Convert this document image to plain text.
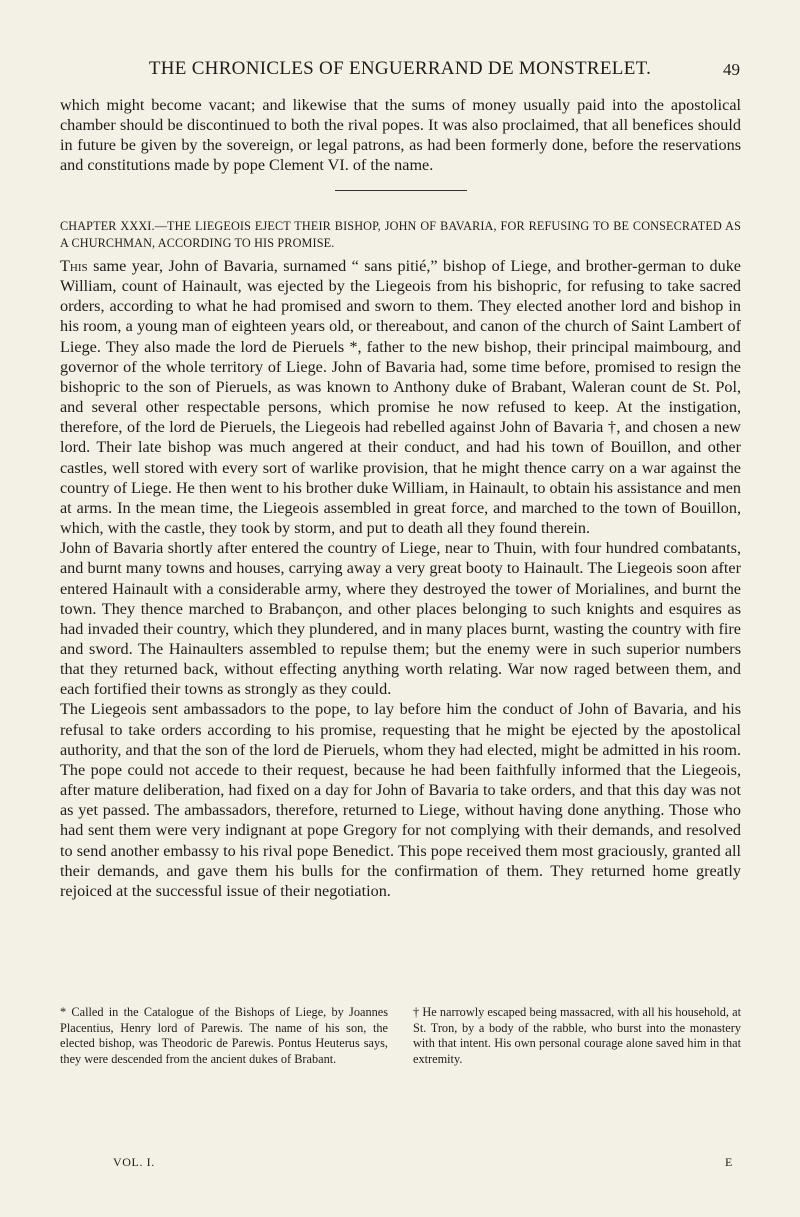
THE CHRONICLES OF ENGUERRAND DE MONSTRELET.	49
which might become vacant; and likewise that the sums of money usually paid into the apostolical chamber should be discontinued to both the rival popes. It was also proclaimed, that all benefices should in future be given by the sovereign, or legal patrons, as had been formerly done, before the reservations and constitutions made by pope Clement VI. of the name.
CHAPTER XXXI.—THE LIEGEOIS EJECT THEIR BISHOP, JOHN OF BAVARIA, FOR REFUSING TO BE CONSECRATED AS A CHURCHMAN, ACCORDING TO HIS PROMISE.

This same year, John of Bavaria, surnamed “ sans pitié,” bishop of Liege, and brother-german to duke William, count of Hainault, was ejected by the Liegeois from his bishopric, for refusing to take sacred orders, according to what he had promised and sworn to them. They elected another lord and bishop in his room, a young man of eighteen years old, or thereabout, and canon of the church of Saint Lambert of Liege. They also made the lord de Pieruels *, father to the new bishop, their principal maimbourg, and governor of the whole territory of Liege. John of Bavaria had, some time before, promised to resign the bishopric to the son of Pieruels, as was known to Anthony duke of Brabant, Waleran count de St. Pol, and several other respectable persons, which promise he now refused to keep. At the instigation, therefore, of the lord de Pieruels, the Liegeois had rebelled against John of Bavaria †, and chosen a new lord. Their late bishop was much angered at their conduct, and had his town of Bouillon, and other castles, well stored with every sort of warlike provision, that he might thence carry on a war against the country of Liege. He then went to his brother duke William, in Hainault, to obtain his assistance and men at arms. In the mean time, the Liegeois assembled in great force, and marched to the town of Bouillon, which, with the castle, they took by storm, and put to death all they found therein.

John of Bavaria shortly after entered the country of Liege, near to Thuin, with four hundred combatants, and burnt many towns and houses, carrying away a very great booty to Hainault. The Liegeois soon after entered Hainault with a considerable army, where they destroyed the tower of Morialines, and burnt the town. They thence marched to Brabançon, and other places belonging to such knights and esquires as had invaded their country, which they plundered, and in many places burnt, wasting the country with fire and sword. The Hainaulters assembled to repulse them; but the enemy were in such superior numbers that they returned back, without effecting anything worth relating. War now raged between them, and each fortified their towns as strongly as they could.

The Liegeois sent ambassadors to the pope, to lay before him the conduct of John of Bavaria, and his refusal to take orders according to his promise, requesting that he might be ejected by the apostolical authority, and that the son of the lord de Pieruels, whom they had elected, might be admitted in his room. The pope could not accede to their request, because he had been faithfully informed that the Liegeois, after mature deliberation, had fixed on a day for John of Bavaria to take orders, and that this day was not as yet passed. The ambassadors, therefore, returned to Liege, without having done anything. Those who had sent them were very indignant at pope Gregory for not complying with their demands, and resolved to send another embassy to his rival pope Benedict. This pope received them most graciously, granted all their demands, and gave them his bulls for the confirmation of them. They returned home greatly rejoiced at the successful issue of their negotiation.

* Called in the Catalogue of the Bishops of Liege, by Joannes Placentius, Henry lord of Parewis. The name of his son, the elected bishop, was Theodoric de Parewis. Pontus Heuterus says, they were descended from the ancient dukes of Brabant.
† He narrowly escaped being massacred, with all his household, at St. Tron, by a body of the rabble, who burst into the monastery with that intent. His own personal courage alone saved him in that extremity.
VOL. I.	E
